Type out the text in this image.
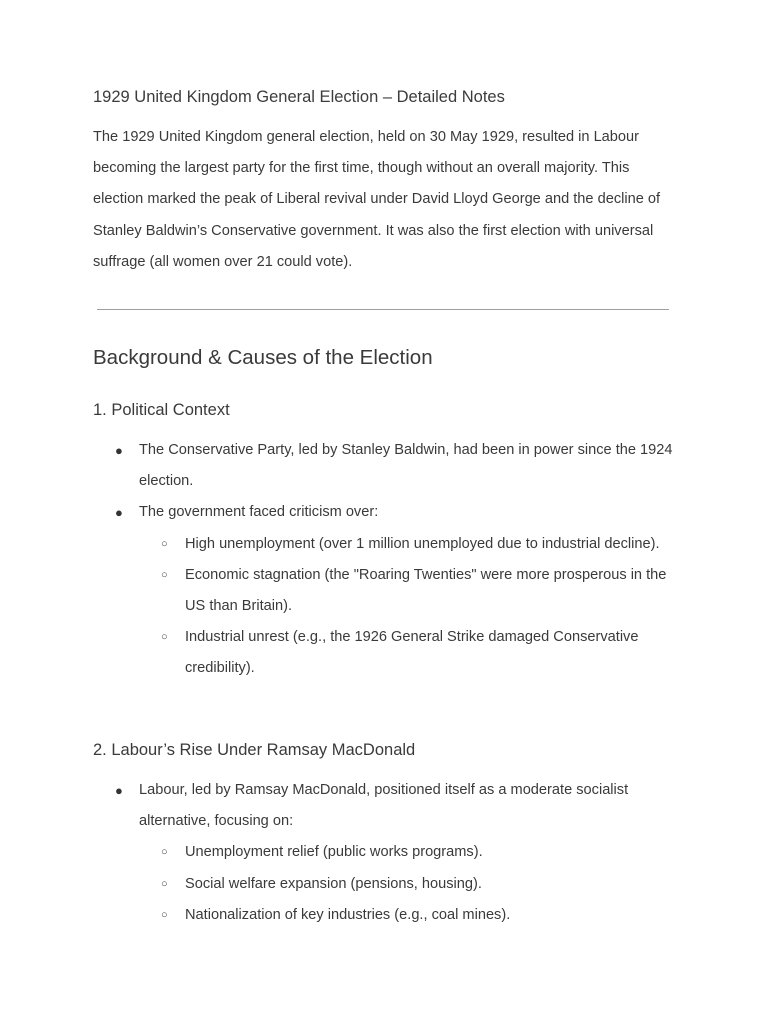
1929 United Kingdom General Election – Detailed Notes

The 1929 United Kingdom general election, held on 30 May 1929, resulted in Labour becoming the largest party for the first time, though without an overall majority. This election marked the peak of Liberal revival under David Lloyd George and the decline of Stanley Baldwin’s Conservative government. It was also the first election with universal suffrage (all women over 21 could vote).

Background & Causes of the Election
1. Political Context
● The Conservative Party, led by Stanley Baldwin, had been in power since the 1924 election.
● The government faced criticism over:
○ High unemployment (over 1 million unemployed due to industrial decline).
○ Economic stagnation (the "Roaring Twenties" were more prosperous in the US than Britain).
○ Industrial unrest (e.g., the 1926 General Strike damaged Conservative credibility).
2. Labour’s Rise Under Ramsay MacDonald
● Labour, led by Ramsay MacDonald, positioned itself as a moderate socialist alternative, focusing on:
○ Unemployment relief (public works programs).
○ Social welfare expansion (pensions, housing).
○ Nationalization of key industries (e.g., coal mines).
